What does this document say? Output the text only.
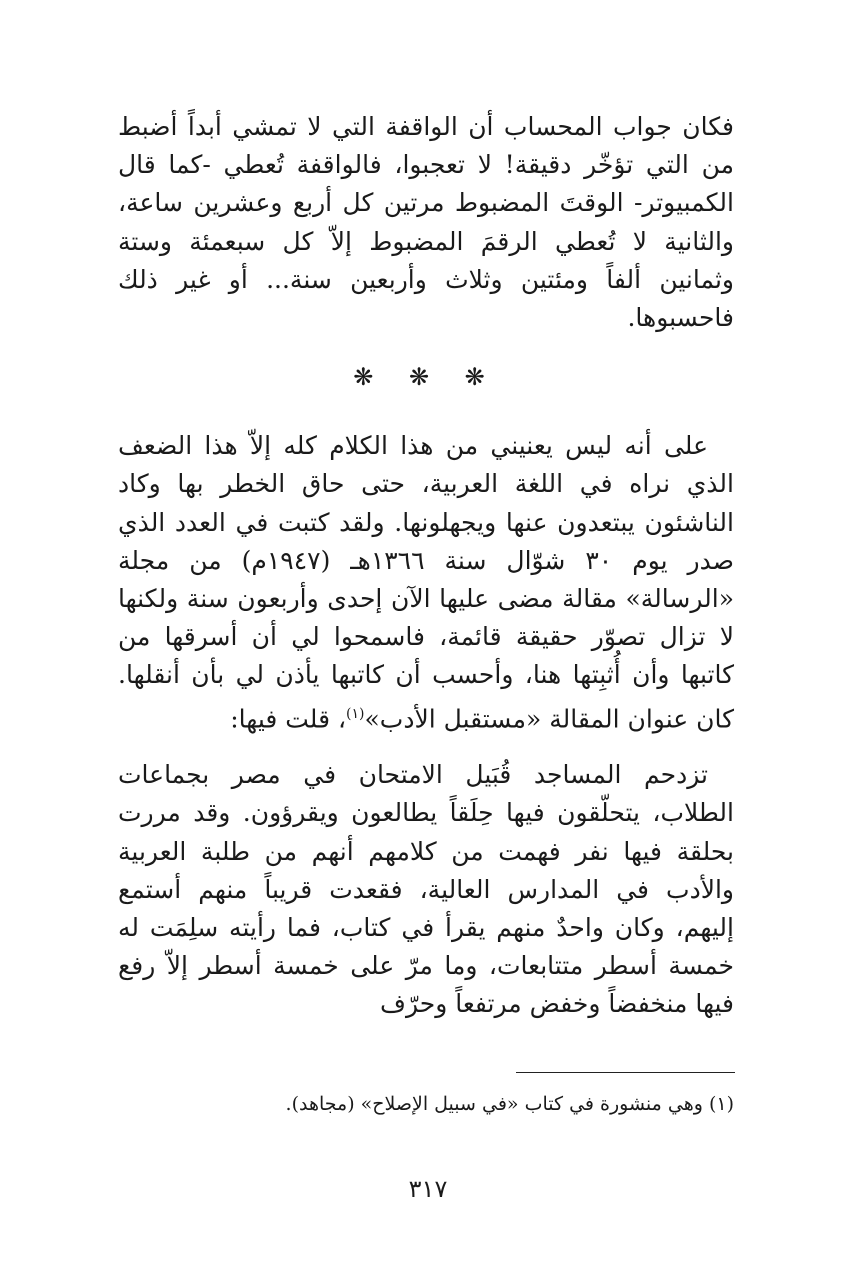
فكان جواب المحساب أن الواقفة التي لا تمشي أبداً أضبط من التي تؤخّر دقيقة! لا تعجبوا، فالواقفة تُعطي -كما قال الكمبيوتر- الوقتَ المضبوط مرتين كل أربع وعشرين ساعة، والثانية لا تُعطي الرقمَ المضبوط إلاّ كل سبعمئة وستة وثمانين ألفاً ومئتين وثلاث وأربعين سنة... أو غير ذلك فاحسبوها.

❋ ❋ ❋

على أنه ليس يعنيني من هذا الكلام كله إلاّ هذا الضعف الذي نراه في اللغة العربية، حتى حاق الخطر بها وكاد الناشئون يبتعدون عنها ويجهلونها. ولقد كتبت في العدد الذي صدر يوم ٣٠ شوّال سنة ١٣٦٦هـ (١٩٤٧م) من مجلة «الرسالة» مقالة مضى عليها الآن إحدى وأربعون سنة ولكنها لا تزال تصوّر حقيقة قائمة، فاسمحوا لي أن أسرقها من كاتبها وأن أُثبِتها هنا، وأحسب أن كاتبها يأذن لي بأن أنقلها. كان عنوان المقالة «مستقبل الأدب»$^{(١)}$، قلت فيها:

تزدحم المساجد قُبَيل الامتحان في مصر بجماعات الطلاب، يتحلّقون فيها حِلَقاً يطالعون ويقرؤون. وقد مررت بحلقة فيها نفر فهمت من كلامهم أنهم من طلبة العربية والأدب في المدارس العالية، فقعدت قريباً منهم أستمع إليهم، وكان واحدٌ منهم يقرأ في كتاب، فما رأيته سلِمَت له خمسة أسطر متتابعات، وما مرّ على خمسة أسطر إلاّ رفع فيها منخفضاً وخفض مرتفعاً وحرّف

(١) وهي منشورة في كتاب «في سبيل الإصلاح» (مجاهد).
٣١٧
